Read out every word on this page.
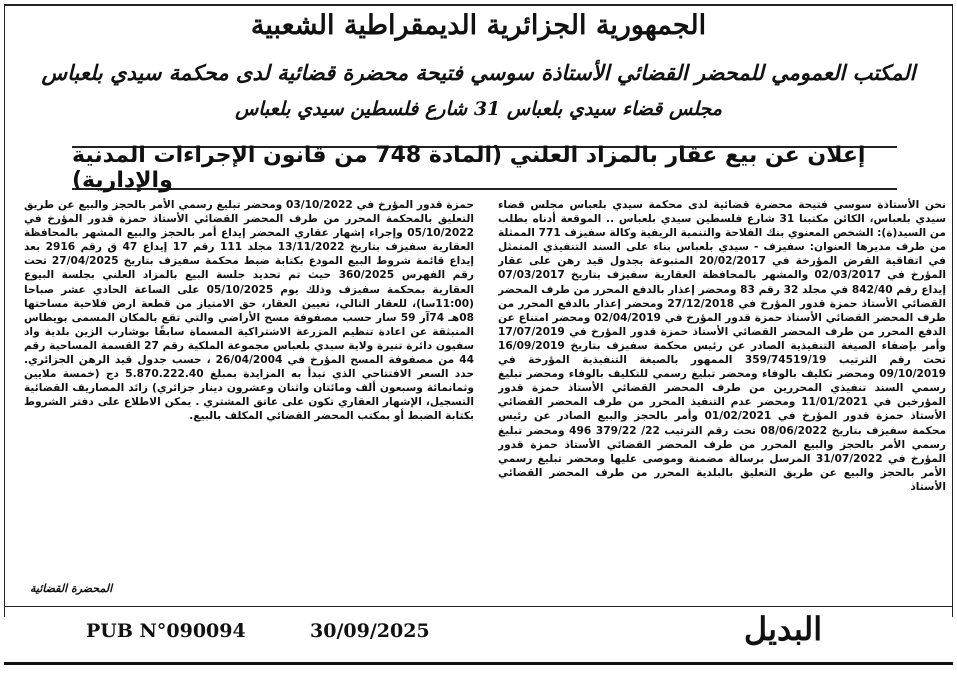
الجمهورية الجزائرية الديمقراطية الشعبية
المكتب العمومي للمحضر القضائي الأستاذة سوسي فتيحة محضرة قضائية لدى محكمة سيدي بلعباس
مجلس قضاء سيدي بلعباس 31 شارع فلسطين سيدي بلعباس
إعلان عن بيع عقار بالمزاد العلني (المادة 748 من قانون الإجراءات المدنية والإدارية)

نحن الأستاذة سوسي فتيحة محضرة قضائية لدى محكمة سيدي بلعباس مجلس قضاء سيدي بلعباس، الكائن مكتبنا 31 شارع فلسطين سيدي بلعباس .. الموقعة أدناه بطلب من السيد(ة): الشخص المعنوي بنك الفلاحة والتنمية الريفية وكالة سفيزف 771 الممثلة من طرف مديرها العنوان: سفيزف - سيدي بلعباس بناء على السند التنفيذي المتمثل في اتفاقية القرض المؤرخة في 20/02/2017 المتبوعة بجدول قيد رهن على عقار المؤرخ في 02/03/2017 والمشهر بالمحافظة العقارية سفيزف بتاريخ 07/03/2017 إيداع رقم 842/40 في مجلد 32 رقم 83 ومحضر إعذار بالدفع المحرر من طرف المحضر القضائي الأستاذ حمزة قدور المؤرخ في 27/12/2018 ومحضر إعذار بالدفع المحرر من طرف المحضر القضائي الأستاذ حمزة قدور المؤرخ في 02/04/2019 ومحضر امتناع عن الدفع المحرر من طرف المحضر القضائي الأستاذ حمزة قدور المؤرخ في 17/07/2019 وأمر بإضفاء الصيغة التنفيذية الصادر عن رئيس محكمة سفيزف بتاريخ 16/09/2019 تحت رقم الترتيب 359/74519/19 الممهور بالصيغة التنفيذية المؤرخة في 09/10/2019 ومحضر تكليف بالوفاء ومحضر تبليغ رسمي للتكليف بالوفاء ومحضر تبليغ رسمي السند تنفيذي المحررين من طرف المحضر القضائي الأستاذ حمزة قدور المؤرخين في 11/01/2021 ومحضر عدم التنفيذ المحرر من طرف المحضر القضائي الأستاذ حمزة قدور المؤرخ في 01/02/2021 وأمر بالحجز والبيع الصادر عن رئيس محكمة سفيزف بتاريخ 08/06/2022 تحت رقم الترتيب 22/ 379/22 496 ومحضر تبليغ رسمي الأمر بالحجز والبيع المحرر من طرف المحضر القضائي الأستاذ حمزة قدور المؤرخ في 31/07/2022 المرسل برسالة مضمنة وموصى عليها ومحضر تبليغ رسمي الأمر بالحجز والبيع عن طريق التعليق بالبلدية المحرر من طرف المحضر القضائي الأستاذ

حمزة قدور المؤرخ في 03/10/2022 ومحضر تبليغ رسمي الأمر بالحجز والبيع عن طريق التعليق بالمحكمة المحرر من طرف المحضر القضائي الأستاذ حمزة قدور المؤرخ في 05/10/2022 وإجراء إشهار عقاري المحضر إيداع أمر بالحجز والبيع المشهر بالمحافظة العقارية سفيزف بتاريخ 13/11/2022 مجلد 111 رقم 17 إيداع 47 ق رقم 2916 بعد إيداع قائمة شروط البيع المودع بكتابة ضبط محكمة سفيزف بتاريخ 27/04/2025 تحت رقم الفهرس 360/2025 حيث تم تحديد جلسة البيع بالمزاد العلني بجلسة البيوع العقارية بمحكمة سفيزف وذلك يوم 05/10/2025 على الساعة الحادي عشر صباحا (11:00سا)، للعقار التالي، تعيين العقار، حق الامتياز من قطعة ارض فلاحية مساحتها 08هـ 74آر 59 سار حسب مصفوفة مسح الأراضي والتي تقع بالمكان المسمى بويطاس المنبثقة عن اعادة تنظيم المزرعة الاشتراكية المسماة سابقًا بوشارب الزين بلدية واد سفيون دائرة تنيرة ولاية سيدي بلعباس مجموعة الملكية رقم 27 القسمة المساحية رقم 44 من مصفوفة المسح المؤرخ في 26/04/2004 ، حسب جدول قيد الرهن الجزائري. حدد السعر الافتتاحي الذي تبدأ به المزايدة بمبلغ 5.870.222.40 دج (خمسة ملايين وثمانمائة وسبعون ألف ومائتان واثنان وعشرون دينار جزائري) زائد المصاريف القضائية التسجيل، الإشهار العقاري تكون على عاتق المشتري . يمكن الاطلاع على دفتر الشروط بكتابة الضبط أو بمكتب المحضر القضائي المكلف بالبيع.

المحضرة القضائية
PUB N°090094	30/09/2025	البديل
